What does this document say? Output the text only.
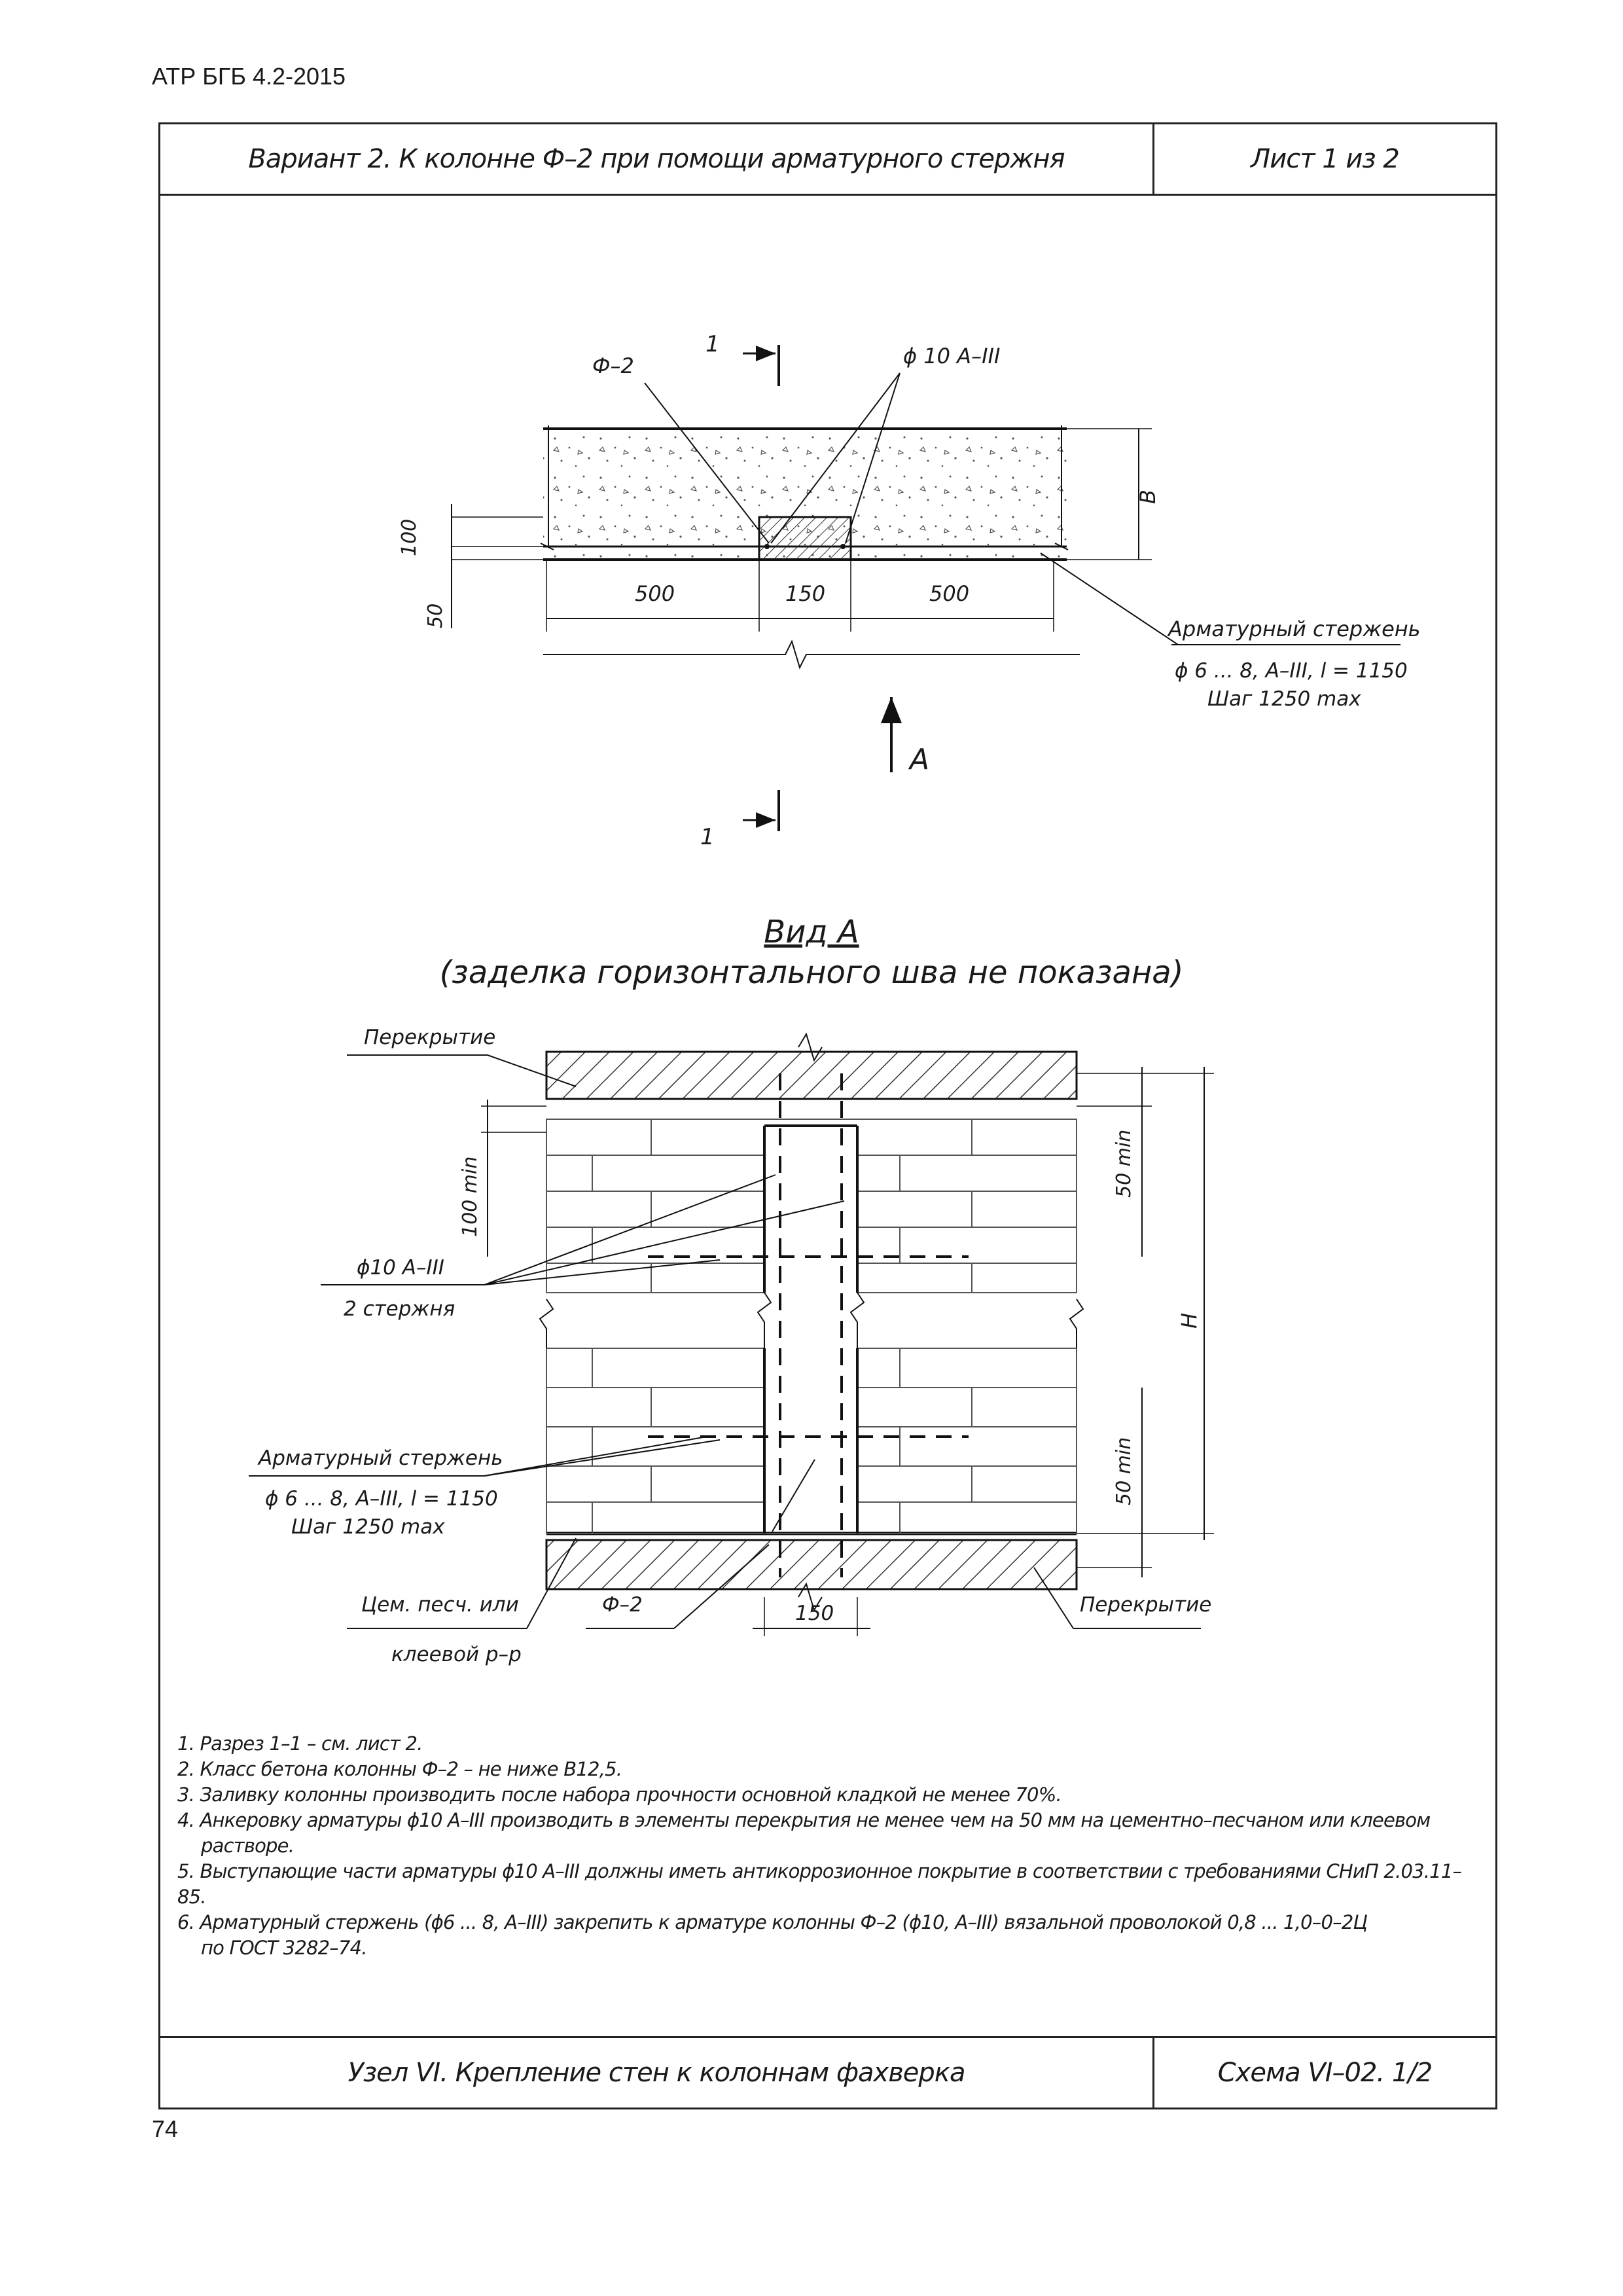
АТР БГБ 4.2-2015
Вариант 2. К колонне Ф–2 при помощи арматурного стержня	Лист 1 из 2
1. Разрез 1–1 – см. лист 2.
2. Класс бетона колонны Ф–2 – не ниже В12,5.
3. Заливку колонны производить после набора прочности основной кладкой не менее 70%.
4. Анкеровку арматуры ϕ10 А–III производить в элементы перекрытия не менее чем на 50 мм на цементно–песчаном или клеевом
растворе.
5. Выступающие части арматуры ϕ10 А–III должны иметь антикоррозионное покрытие в соответствии с требованиями СНиП 2.03.11–85.
6. Арматурный стержень (ϕ6 ... 8, А–III) закрепить к арматуре колонны Ф–2 (ϕ10, А–III) вязальной проволокой 0,8 ... 1,0–0–2Ц
по ГОСТ 3282–74.
Узел VI. Крепление стен к колоннам фахверка	Схема VI–02. 1/2
1
1
Ф–2	ϕ 10 А–III
B
100
50
500	150	500
Арматурный стержень
ϕ 6 ... 8, А–III, l = 1150
Шаг 1250 max
A
Вид А
(заделка горизонтального шва не показана)
Перекрытие
100 min
ϕ10 А–III
2 стержня
Арматурный стержень
ϕ 6 ... 8, А–III, l = 1150
Шаг 1250 max
Цем. песч. или
клеевой р–р
Ф–2	150	Перекрытие
50 min
50 min
H
74
